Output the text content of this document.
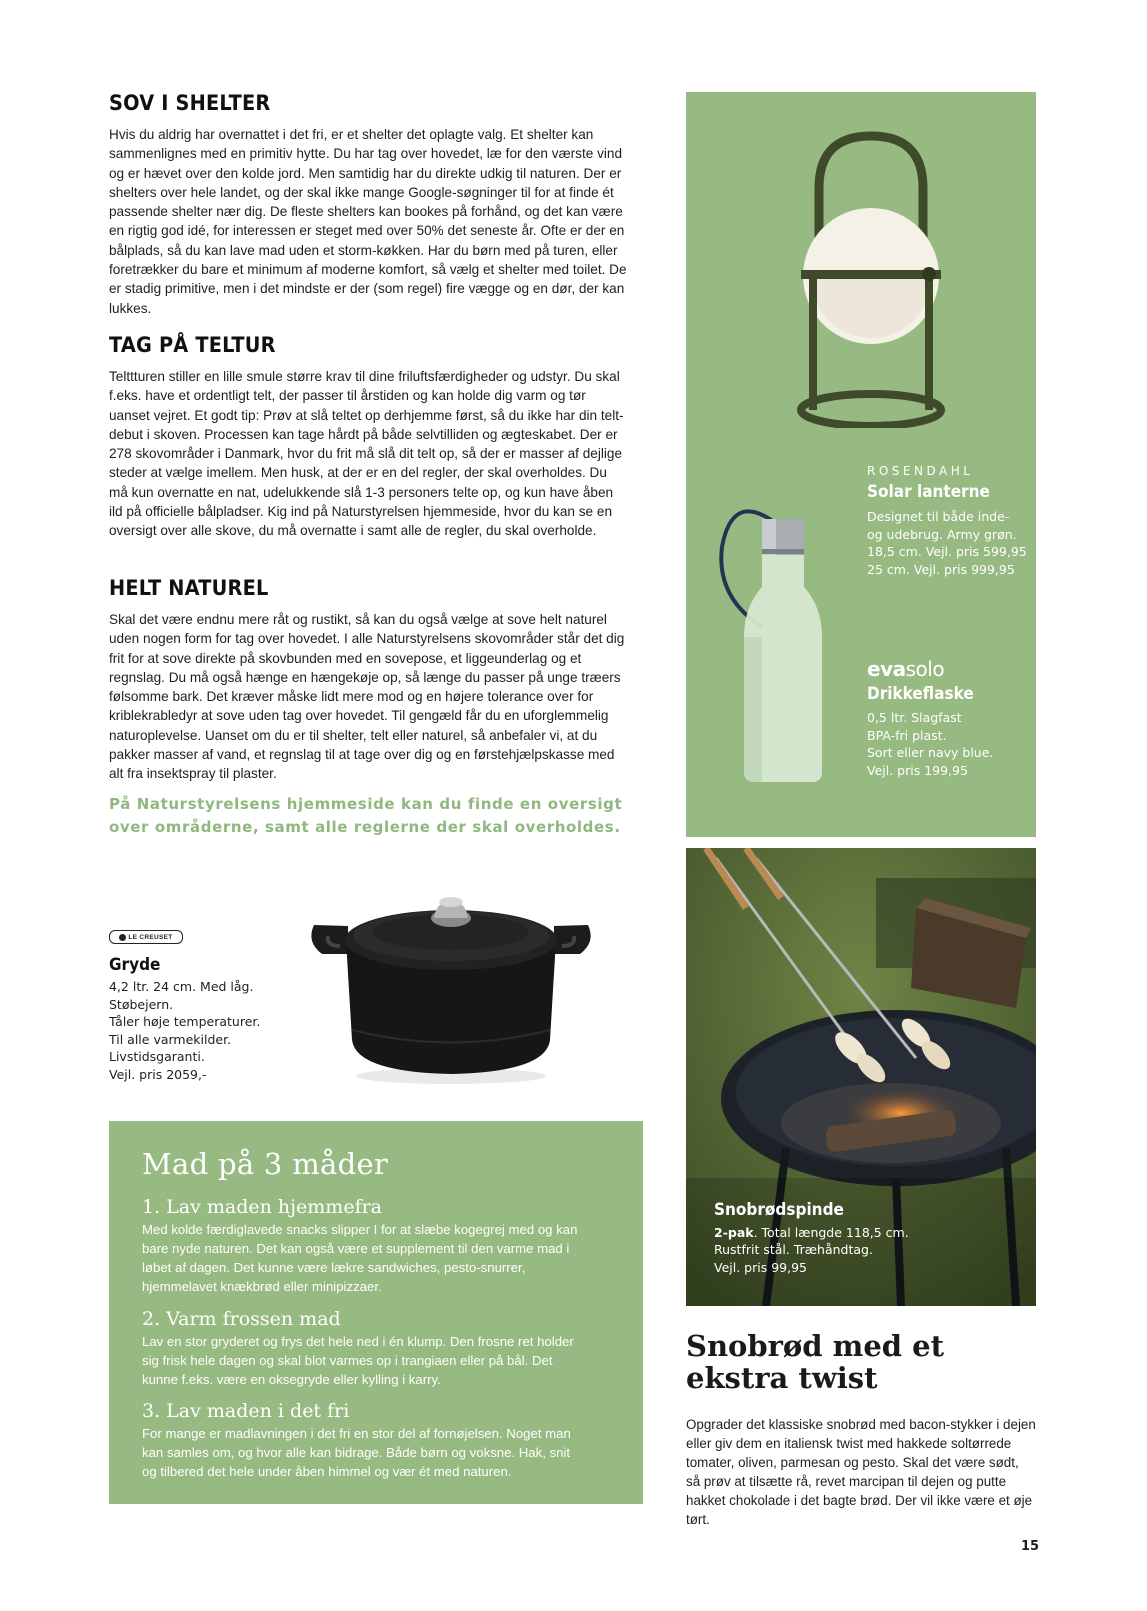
SOV I SHELTER

Hvis du aldrig har overnattet i det fri, er et shelter det oplagte valg. Et shelter kan sammenlignes med en primitiv hytte. Du har tag over hovedet, læ for den værste vind og er hævet over den kolde jord. Men samtidig har du direkte udkig til naturen. Der er shelters over hele landet, og der skal ikke mange Google-søgninger til for at finde ét passende shelter nær dig. De fleste shelters kan bookes på forhånd, og det kan være en rigtig god idé, for interessen er steget med over 50% det seneste år. Ofte er der en bålplads, så du kan lave mad uden et storm-køkken. Har du børn med på turen, eller foretrækker du bare et minimum af moderne komfort, så vælg et shelter med toilet. De er stadig primitive, men i det mindste er der (som regel) fire vægge og en dør, der kan lukkes.

TAG PÅ TELTUR

Telttturen stiller en lille smule større krav til dine friluftsfærdigheder og udstyr. Du skal f.eks. have et ordentligt telt, der passer til årstiden og kan holde dig varm og tør uanset vejret. Et godt tip: Prøv at slå teltet op derhjemme først, så du ikke har din telt-debut i skoven. Processen kan tage hårdt på både selvtilliden og ægteskabet. Der er 278 skovområder i Danmark, hvor du frit må slå dit telt op, så der er masser af dejlige steder at vælge imellem. Men husk, at der er en del regler, der skal overholdes. Du må kun overnatte en nat, udelukkende slå 1-3 personers telte op, og kun have åben ild på officielle bålpladser. Kig ind på Naturstyrelsen hjemmeside, hvor du kan se en oversigt over alle skove, du må overnatte i samt alle de regler, du skal overholde.

HELT NATUREL

Skal det være endnu mere råt og rustikt, så kan du også vælge at sove helt naturel uden nogen form for tag over hovedet. I alle Naturstyrelsens skovområder står det dig frit for at sove direkte på skovbunden med en sovepose, et liggeunderlag og et regnslag. Du må også hænge en hængekøje op, så længe du passer på unge træers følsomme bark. Det kræver måske lidt mere mod og en højere tolerance over for kriblekrabledyr at sove uden tag over hovedet. Til gengæld får du en uforglemmelig naturoplevelse. Uanset om du er til shelter, telt eller naturel, så anbefaler vi, at du pakker masser af vand, et regnslag til at tage over dig og en førstehjælpskasse med alt fra insektspray til plaster.

På Naturstyrelsens hjemmeside kan du finde en oversigt over områderne, samt alle reglerne der skal overholdes.

LE CREUSET
Gryde
4,2 ltr. 24 cm. Med låg. Støbejern.
Tåler høje temperaturer.
Til alle varmekilder. Livstidsgaranti.
Vejl. pris 2059,-
Mad på 3 måder
1. Lav maden hjemmefra

Med kolde færdiglavede snacks slipper I for at slæbe kogegrej med og kan bare nyde naturen. Det kan også være et supplement til den varme mad i løbet af dagen. Det kunne være lækre sandwiches, pesto-snurrer, hjemmelavet knækbrød eller minipizzaer.

2. Varm frossen mad

Lav en stor gryderet og frys det hele ned i én klump. Den frosne ret holder sig frisk hele dagen og skal blot varmes op i trangiaen eller på bål. Det kunne f.eks. være en oksegryde eller kylling i karry.

3. Lav maden i det fri

For mange er madlavningen i det fri en stor del af fornøjelsen. Noget man kan samles om, og hvor alle kan bidrage. Både børn og voksne. Hak, snit og tilbered det hele under åben himmel og vær ét med naturen.

ROSENDAHL
Solar lanterne

Designet til både inde-

og udebrug. Army grøn.

18,5 cm. Vejl. pris 599,95

25 cm. Vejl. pris 999,95

evasolo
Drikkeflaske

0,5 ltr. Slagfast

BPA-fri plast.

Sort eller navy blue.

Vejl. pris 199,95

Snobrødspinde

2-pak. Total længde 118,5 cm.

Rustfrit stål. Træhåndtag.

Vejl. pris 99,95

Snobrød med et ekstra twist

Opgrader det klassiske snobrød med bacon-stykker i dejen eller giv dem en italiensk twist med hakkede soltørrede tomater, oliven, parmesan og pesto. Skal det være sødt, så prøv at tilsætte rå, revet marcipan til dejen og putte hakket chokolade i det bagte brød. Der vil ikke være et øje tørt.

15
